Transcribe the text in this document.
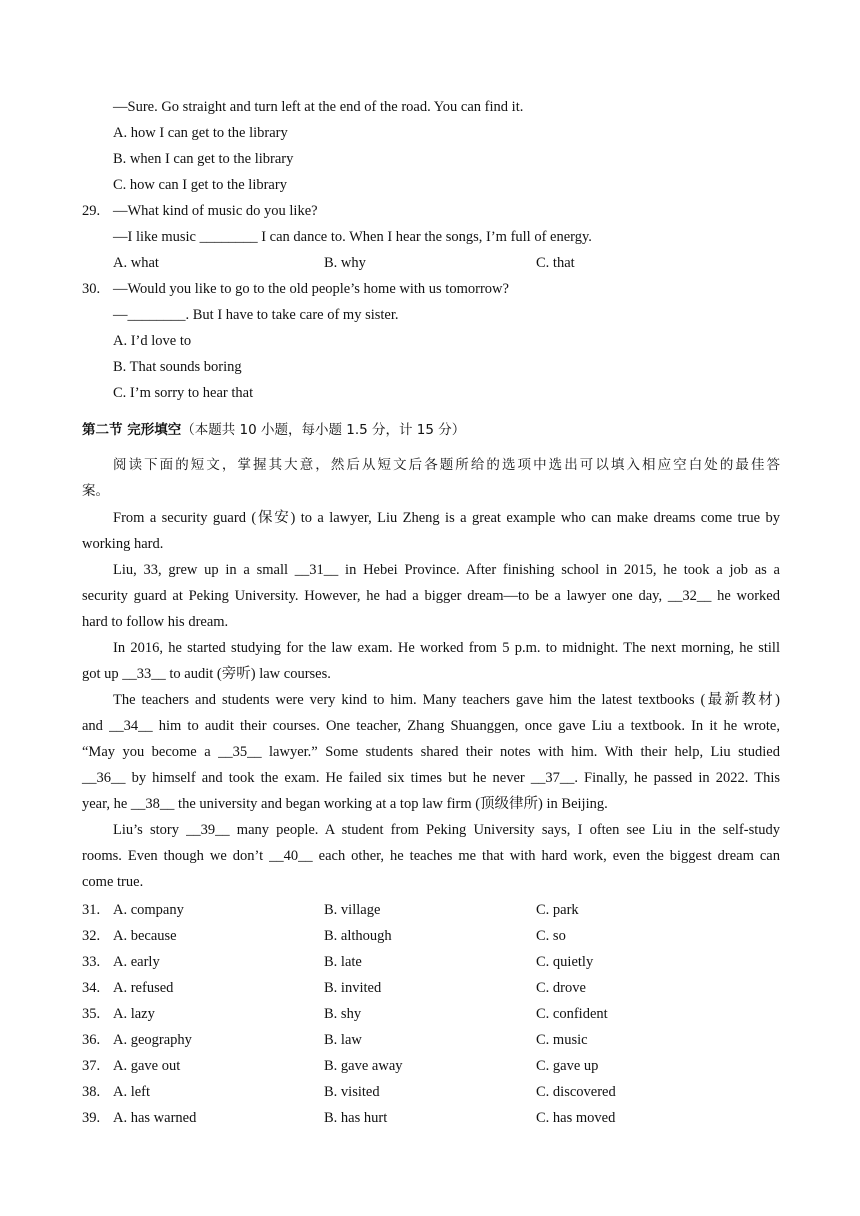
—Sure. Go straight and turn left at the end of the road. You can find it.
A. how I can get to the library
B. when I can get to the library
C. how can I get to the library
29. —What kind of music do you like?
—I like music ________ I can dance to. When I hear the songs, I’m full of energy.
A. what	B. why	C. that
30. —Would you like to go to the old people’s home with us tomorrow?
—________. But I have to take care of my sister.
A. I’d love to
B. That sounds boring
C. I’m sorry to hear that
第二节 完形填空（本题共 10 小题，每小题 1.5 分，计 15 分）
阅读下面的短文，掌握其大意，然后从短文后各题所给的选项中选出可以填入相应空白处的最佳答
案。
From a security guard (保安) to a lawyer, Liu Zheng is a great example who can make dreams come true by
working hard.
Liu, 33, grew up in a small __31__ in Hebei Province. After finishing school in 2015, he took a job as a
security guard at Peking University. However, he had a bigger dream—to be a lawyer one day, __32__ he worked
hard to follow his dream.
In 2016, he started studying for the law exam. He worked from 5 p.m. to midnight. The next morning, he still
got up __33__ to audit (旁听) law courses.
The teachers and students were very kind to him. Many teachers gave him the latest textbooks (最新教材)
and __34__ him to audit their courses. One teacher, Zhang Shuanggen, once gave Liu a textbook. In it he wrote,
“May you become a __35__ lawyer.” Some students shared their notes with him. With their help, Liu studied
__36__ by himself and took the exam. He failed six times but he never __37__. Finally, he passed in 2022. This
year, he __38__ the university and began working at a top law firm (顶级律所) in Beijing.
Liu’s story __39__ many people. A student from Peking University says, I often see Liu in the self-study
rooms. Even though we don’t __40__ each other, he teaches me that with hard work, even the biggest dream can
come true.
31. A. company	B. village	C. park
32. A. because	B. although	C. so
33. A. early	B. late	C. quietly
34. A. refused	B. invited	C. drove
35. A. lazy	B. shy	C. confident
36. A. geography	B. law	C. music
37. A. gave out	B. gave away	C. gave up
38. A. left	B. visited	C. discovered
39. A. has warned	B. has hurt	C. has moved
